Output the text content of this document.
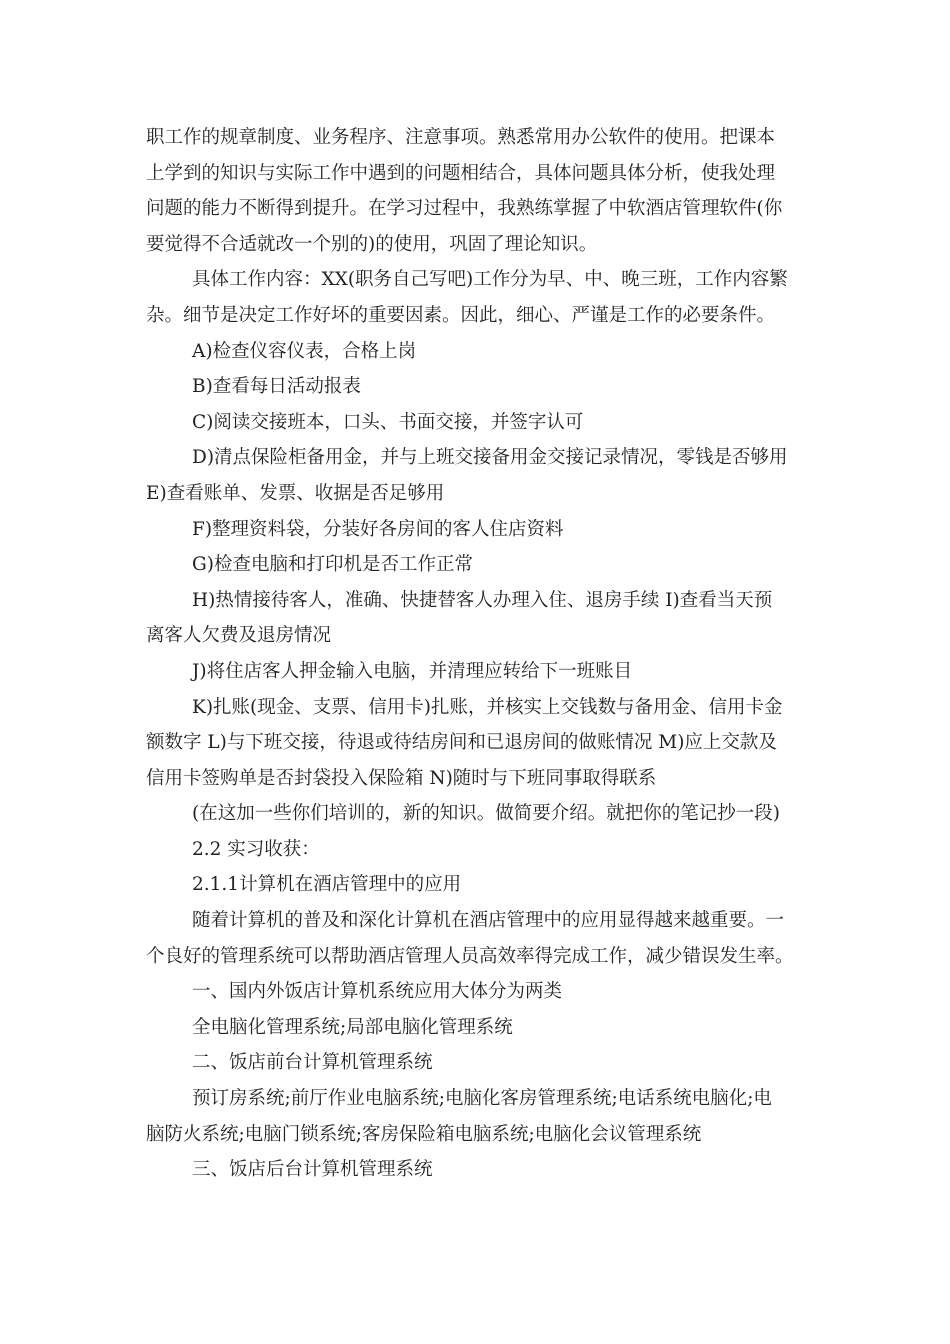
职工作的规章制度、业务程序、注意事项。熟悉常用办公软件的使用。把课本
上学到的知识与实际工作中遇到的问题相结合，具体问题具体分析，使我处理
问题的能力不断得到提升。在学习过程中，我熟练掌握了中软酒店管理软件(你
要觉得不合适就改一个别的)的使用，巩固了理论知识。
具体工作内容：XX(职务自己写吧)工作分为早、中、晚三班，工作内容繁
杂。细节是决定工作好坏的重要因素。因此，细心、严谨是工作的必要条件。
A)检查仪容仪表，合格上岗
B)查看每日活动报表
C)阅读交接班本，口头、书面交接，并签字认可
D)清点保险柜备用金，并与上班交接备用金交接记录情况，零钱是否够用
E)查看账单、发票、收据是否足够用
F)整理资料袋，分装好各房间的客人住店资料
G)检查电脑和打印机是否工作正常
H)热情接待客人，准确、快捷替客人办理入住、退房手续 I)查看当天预
离客人欠费及退房情况
J)将住店客人押金输入电脑，并清理应转给下一班账目
K)扎账(现金、支票、信用卡)扎账，并核实上交钱数与备用金、信用卡金
额数字 L)与下班交接，待退或待结房间和已退房间的做账情况 M)应上交款及
信用卡签购单是否封袋投入保险箱 N)随时与下班同事取得联系
(在这加一些你们培训的，新的知识。做简要介绍。就把你的笔记抄一段)
2.2 实习收获：
2.1.1计算机在酒店管理中的应用
随着计算机的普及和深化计算机在酒店管理中的应用显得越来越重要。一
个良好的管理系统可以帮助酒店管理人员高效率得完成工作，减少错误发生率。
一、国内外饭店计算机系统应用大体分为两类
全电脑化管理系统;局部电脑化管理系统
二、饭店前台计算机管理系统
预订房系统;前厅作业电脑系统;电脑化客房管理系统;电话系统电脑化;电
脑防火系统;电脑门锁系统;客房保险箱电脑系统;电脑化会议管理系统
三、饭店后台计算机管理系统
